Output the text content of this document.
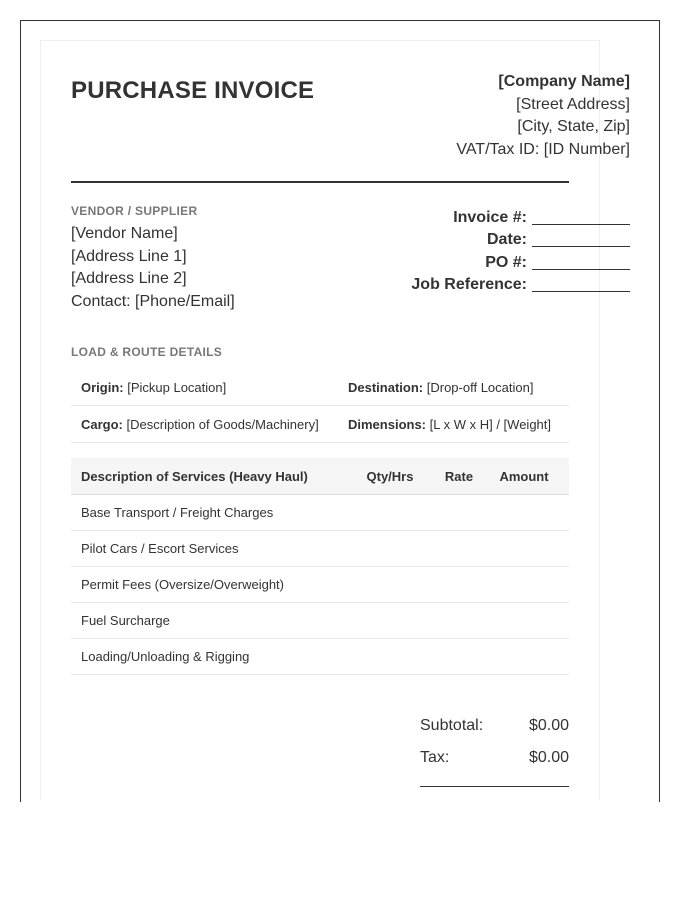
PURCHASE INVOICE	[Company Name]
[Street Address]
[City, State, Zip]
VAT/Tax ID: [ID Number]
VENDOR / SUPPLIER
[Vendor Name]
[Address Line 1]
[Address Line 2]
Contact: [Phone/Email]
Invoice #:
Date:
PO #:
Job Reference:
LOAD & ROUTE DETAILS
Origin: [Pickup Location]	Destination: [Drop-off Location]
Cargo: [Description of Goods/Machinery]	Dimensions: [L x W x H] / [Weight]
Description of Services (Heavy Haul)	Qty/Hrs	Rate	Amount
Base Transport / Freight Charges
Pilot Cars / Escort Services
Permit Fees (Oversize/Overweight)
Fuel Surcharge
Loading/Unloading & Rigging
Subtotal:	$0.00
Tax:	$0.00
